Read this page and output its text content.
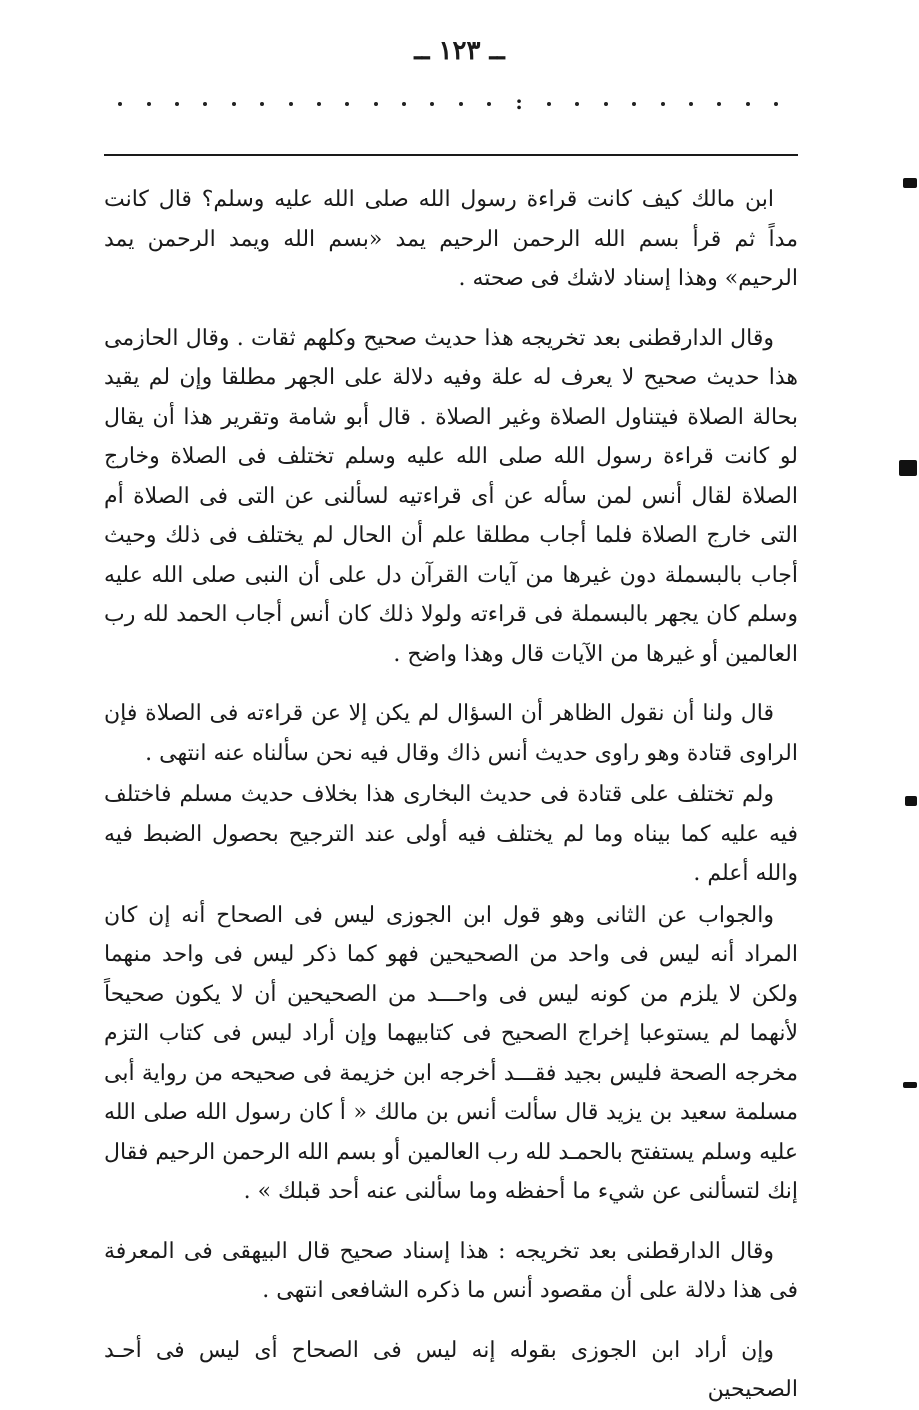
ــ ١٢٣ ــ
:

ابن مالك كيف كانت قراءة رسول الله صلى الله عليه وسلم؟ قال كانت مداً ثم قرأ بسم الله الرحمن الرحيم يمد «بسم الله ويمد الرحمن يمد الرحيم» وهذا إسناد لاشك فى صحته .

وقال الدارقطنى بعد تخريجه هذا حديث صحيح وكلهم ثقات . وقال الحازمى هذا حديث صحيح لا يعرف له علة وفيه دلالة على الجهر مطلقا وإن لم يقيد بحالة الصلاة فيتناول الصلاة وغير الصلاة . قال أبو شامة وتقرير هذا أن يقال لو كانت قراءة رسول الله صلى الله عليه وسلم تختلف فى الصلاة وخارج الصلاة لقال أنس لمن سأله عن أى قراءتيه لسألنى عن التى فى الصلاة أم التى خارج الصلاة فلما أجاب مطلقا علم أن الحال لم يختلف فى ذلك وحيث أجاب بالبسملة دون غيرها من آيات القرآن دل على أن النبى صلى الله عليه وسلم كان يجهر بالبسملة فى قراءته ولولا ذلك كان أنس أجاب الحمد لله رب العالمين أو غيرها من الآيات قال وهذا واضح .

قال ولنا أن نقول الظاهر أن السؤال لم يكن إلا عن قراءته فى الصلاة فإن الراوى قتادة وهو راوى حديث أنس ذاك وقال فيه نحن سألناه عنه انتهى .

ولم تختلف على قتادة فى حديث البخارى هذا بخلاف حديث مسلم فاختلف فيه عليه كما بيناه وما لم يختلف فيه أولى عند الترجيح بحصول الضبط فيه والله أعلم .

والجواب عن الثانى وهو قول ابن الجوزى ليس فى الصحاح أنه إن كان المراد أنه ليس فى واحد من الصحيحين فهو كما ذكر ليس فى واحد منهما ولكن لا يلزم من كونه ليس فى واحـــد من الصحيحين أن لا يكون صحيحاً لأنهما لم يستوعبا إخراج الصحيح فى كتابيهما وإن أراد ليس فى كتاب التزم مخرجه الصحة فليس بجيد فقـــد أخرجه ابن خزيمة فى صحيحه من رواية أبى مسلمة سعيد بن يزيد قال سألت أنس بن مالك « أ كان رسول الله صلى الله عليه وسلم يستفتح بالحمـد لله رب العالمين أو بسم الله الرحمن الرحيم فقال إنك لتسألنى عن شيء ما أحفظه وما سألنى عنه أحد قبلك » .

وقال الدارقطنى بعد تخريجه : هذا إسناد صحيح قال البيهقى فى المعرفة فى هذا دلالة على أن مقصود أنس ما ذكره الشافعى انتهى .

وإن أراد ابن الجوزى بقوله إنه ليس فى الصحاح أى ليس فى أحـد الصحيحين
